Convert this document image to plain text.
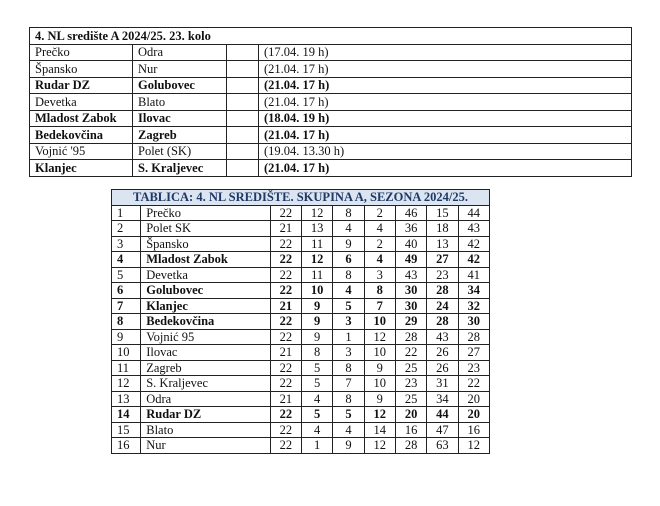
4. NL središte A 2024/25. 23. kolo			
Prečko	Odra		(17.04. 19 h)
Špansko	Nur		(21.04. 17 h)
Rudar DZ	Golubovec		(21.04. 17 h)
Devetka	Blato		(21.04. 17 h)
Mladost Zabok	Ilovac		(18.04. 19 h)
Bedekovčina	Zagreb		(21.04. 17 h)
Vojnić '95	Polet (SK)		(19.04. 13.30 h)
Klanjec	S. Kraljevec		(21.04. 17 h)
TABLICA: 4. NL SREDIŠTE. SKUPINA A, SEZONA 2024/25.								
1	Prečko	22	12	8	2	46	15	44
2	Polet SK	21	13	4	4	36	18	43
3	Špansko	22	11	9	2	40	13	42
4	Mladost Zabok	22	12	6	4	49	27	42
5	Devetka	22	11	8	3	43	23	41
6	Golubovec	22	10	4	8	30	28	34
7	Klanjec	21	9	5	7	30	24	32
8	Bedekovčina	22	9	3	10	29	28	30
9	Vojnić 95	22	9	1	12	28	43	28
10	Ilovac	21	8	3	10	22	26	27
11	Zagreb	22	5	8	9	25	26	23
12	S. Kraljevec	22	5	7	10	23	31	22
13	Odra	21	4	8	9	25	34	20
14	Rudar DZ	22	5	5	12	20	44	20
15	Blato	22	4	4	14	16	47	16
16	Nur	22	1	9	12	28	63	12
